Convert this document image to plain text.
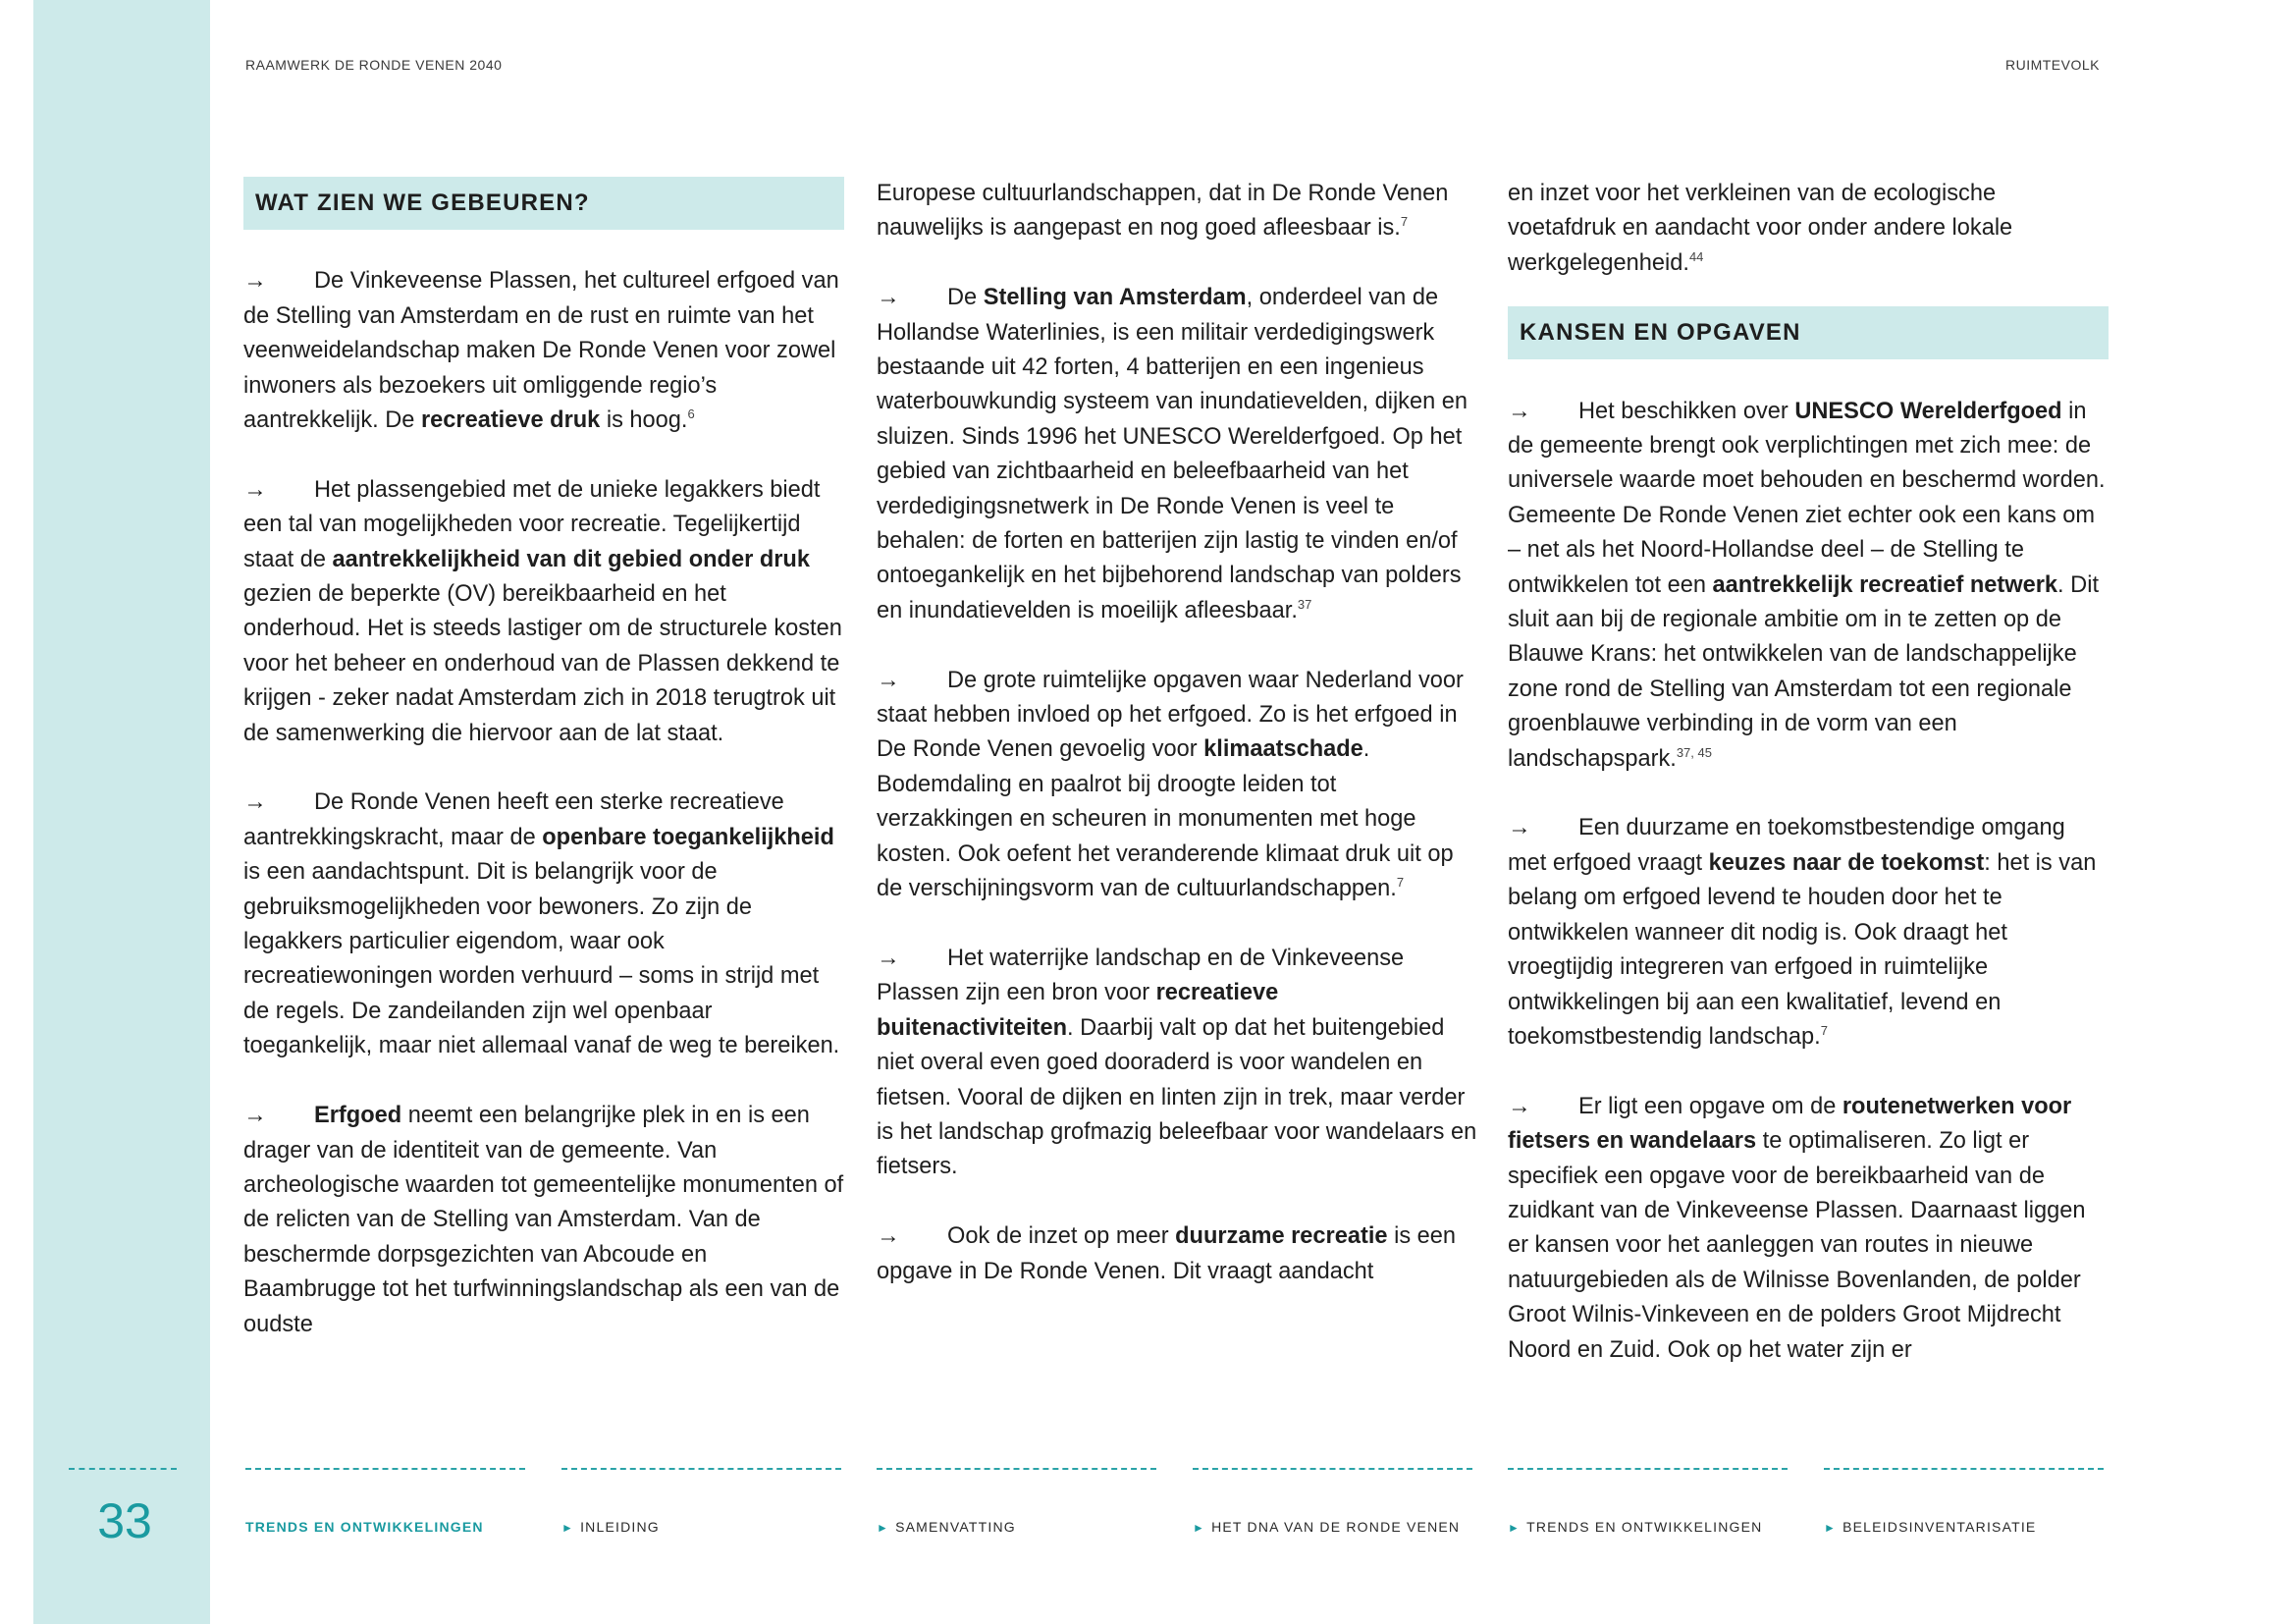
RAAMWERK DE RONDE VENEN 2040	RUIMTEVOLK
WAT ZIEN WE GEBEUREN?

→ De Vinkeveense Plassen, het cultureel erfgoed van de Stelling van Amsterdam en de rust en ruimte van het veenweidelandschap maken De Ronde Venen voor zowel inwoners als bezoekers uit omliggende regio’s aantrekkelijk. De recreatieve druk is hoog.$^6$

→ Het plassengebied met de unieke legakkers biedt een tal van mogelijkheden voor recreatie. Tegelijkertijd staat de aantrekkelijkheid van dit gebied onder druk gezien de beperkte (OV) bereikbaarheid en het onderhoud. Het is steeds lastiger om de structurele kosten voor het beheer en onderhoud van de Plassen dekkend te krijgen - zeker nadat Amsterdam zich in 2018 terugtrok uit de samenwerking die hiervoor aan de lat staat.

→ De Ronde Venen heeft een sterke recreatieve aantrekkingskracht, maar de openbare toegankelijkheid is een aandachtspunt. Dit is belangrijk voor de gebruiksmogelijkheden voor bewoners. Zo zijn de legakkers particulier eigendom, waar ook recreatiewoningen worden verhuurd – soms in strijd met de regels. De zandeilanden zijn wel openbaar toegankelijk, maar niet allemaal vanaf de weg te bereiken.

→ Erfgoed neemt een belangrijke plek in en is een drager van de identiteit van de gemeente. Van archeologische waarden tot gemeentelijke monumenten of de relicten van de Stelling van Amsterdam. Van de beschermde dorpsgezichten van Abcoude en Baambrugge tot het turfwinningslandschap als een van de oudste

Europese cultuurlandschappen, dat in De Ronde Venen nauwelijks is aangepast en nog goed afleesbaar is.$^7$

→ De Stelling van Amsterdam, onderdeel van de Hollandse Waterlinies, is een militair verdedigingswerk bestaande uit 42 forten, 4 batterijen en een ingenieus waterbouwkundig systeem van inundatievelden, dijken en sluizen. Sinds 1996 het UNESCO Werelderfgoed. Op het gebied van zichtbaarheid en beleefbaarheid van het verdedigingsnetwerk in De Ronde Venen is veel te behalen: de forten en batterijen zijn lastig te vinden en/of ontoegankelijk en het bijbehorend landschap van polders en inundatievelden is moeilijk afleesbaar.$^{37}$

→ De grote ruimtelijke opgaven waar Nederland voor staat hebben invloed op het erfgoed. Zo is het erfgoed in De Ronde Venen gevoelig voor klimaatschade. Bodemdaling en paalrot bij droogte leiden tot verzakkingen en scheuren in monumenten met hoge kosten. Ook oefent het veranderende klimaat druk uit op de verschijningsvorm van de cultuurlandschappen.$^7$

→ Het waterrijke landschap en de Vinkeveense Plassen zijn een bron voor recreatieve buitenactiviteiten. Daarbij valt op dat het buitengebied niet overal even goed dooraderd is voor wandelen en fietsen. Vooral de dijken en linten zijn in trek, maar verder is het landschap grofmazig beleefbaar voor wandelaars en fietsers.

→ Ook de inzet op meer duurzame recreatie is een opgave in De Ronde Venen. Dit vraagt aandacht

en inzet voor het verkleinen van de ecologische voetafdruk en aandacht voor onder andere lokale werkgelegenheid.$^{44}$

KANSEN EN OPGAVEN

→ Het beschikken over UNESCO Werelderfgoed in de gemeente brengt ook verplichtingen met zich mee: de universele waarde moet behouden en beschermd worden. Gemeente De Ronde Venen ziet echter ook een kans om – net als het Noord-Hollandse deel – de Stelling te ontwikkelen tot een aantrekkelijk recreatief netwerk. Dit sluit aan bij de regionale ambitie om in te zetten op de Blauwe Krans: het ontwikkelen van de landschappelijke zone rond de Stelling van Amsterdam tot een regionale groenblauwe verbinding in de vorm van een landschapspark.$^{37, 45}$

→ Een duurzame en toekomstbestendige omgang met erfgoed vraagt keuzes naar de toekomst: het is van belang om erfgoed levend te houden door het te ontwikkelen wanneer dit nodig is. Ook draagt het vroegtijdig integreren van erfgoed in ruimtelijke ontwikkelingen bij aan een kwalitatief, levend en toekomstbestendig landschap.$^7$

→ Er ligt een opgave om de routenetwerken voor fietsers en wandelaars te optimaliseren. Zo ligt er specifiek een opgave voor de bereikbaarheid van de zuidkant van de Vinkeveense Plassen. Daarnaast liggen er kansen voor het aanleggen van routes in nieuwe natuurgebieden als de Wilnisse Bovenlanden, de polder Groot Wilnis-Vinkeveen en de polders Groot Mijdrecht Noord en Zuid. Ook op het water zijn er

33	TRENDS EN ONTWIKKELINGEN	► INLEIDING	► SAMENVATTING	► HET DNA VAN DE RONDE VENEN	► TRENDS EN ONTWIKKELINGEN	► BELEIDSINVENTARISATIE
